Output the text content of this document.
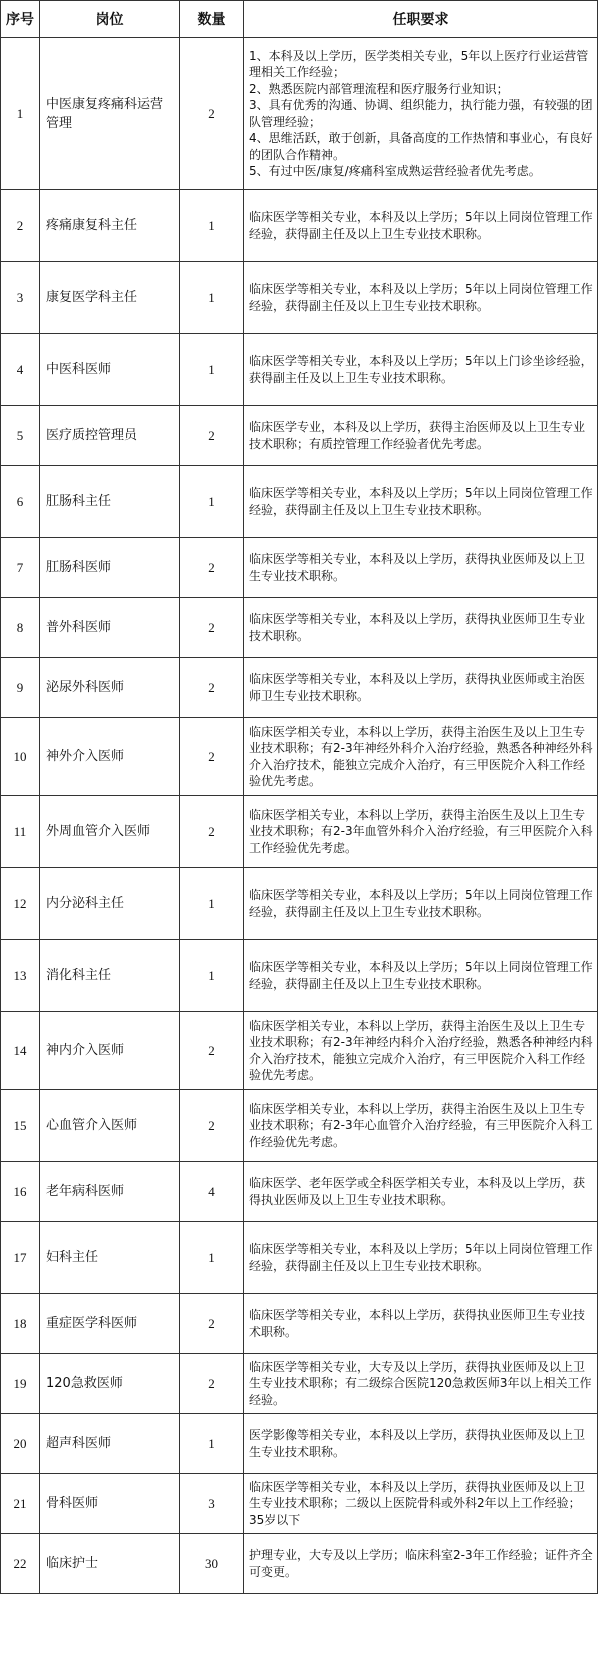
序号	岗位	数量	任职要求
1	中医康复疼痛科运营管理	2	1、本科及以上学历，医学类相关专业，5年以上医疗行业运营管理相关工作经验；
2、熟悉医院内部管理流程和医疗服务行业知识；
3、具有优秀的沟通、协调、组织能力，执行能力强，有较强的团队管理经验；
4、思维活跃，敢于创新，具备高度的工作热情和事业心，有良好的团队合作精神。
5、有过中医/康复/疼痛科室成熟运营经验者优先考虑。

2	疼痛康复科主任	1	临床医学等相关专业，本科及以上学历；5年以上同岗位管理工作经验，获得副主任及以上卫生专业技术职称。

3	康复医学科主任	1	临床医学等相关专业，本科及以上学历；5年以上同岗位管理工作经验，获得副主任及以上卫生专业技术职称。

4	中医科医师	1	临床医学等相关专业，本科及以上学历；5年以上门诊坐诊经验，获得副主任及以上卫生专业技术职称。

5	医疗质控管理员	2	临床医学专业，本科及以上学历，获得主治医师及以上卫生专业技术职称；有质控管理工作经验者优先考虑。

6	肛肠科主任	1	临床医学等相关专业，本科及以上学历；5年以上同岗位管理工作经验，获得副主任及以上卫生专业技术职称。

7	肛肠科医师	2	临床医学等相关专业，本科及以上学历，获得执业医师及以上卫生专业技术职称。

8	普外科医师	2	临床医学等相关专业，本科及以上学历，获得执业医师卫生专业技术职称。

9	泌尿外科医师	2	临床医学等相关专业，本科及以上学历，获得执业医师或主治医师卫生专业技术职称。

10	神外介入医师	2	临床医学相关专业，本科以上学历，获得主治医生及以上卫生专业技术职称；有2-3年神经外科介入治疗经验，熟悉各种神经外科介入治疗技术，能独立完成介入治疗，有三甲医院介入科工作经验优先考虑。

11	外周血管介入医师	2	临床医学相关专业，本科以上学历，获得主治医生及以上卫生专业技术职称；有2-3年血管外科介入治疗经验，有三甲医院介入科工作经验优先考虑。

12	内分泌科主任	1	临床医学等相关专业，本科及以上学历；5年以上同岗位管理工作经验，获得副主任及以上卫生专业技术职称。

13	消化科主任	1	临床医学等相关专业，本科及以上学历；5年以上同岗位管理工作经验，获得副主任及以上卫生专业技术职称。

14	神内介入医师	2	临床医学相关专业，本科以上学历，获得主治医生及以上卫生专业技术职称；有2-3年神经内科介入治疗经验，熟悉各种神经内科介入治疗技术，能独立完成介入治疗，有三甲医院介入科工作经验优先考虑。

15	心血管介入医师	2	临床医学相关专业，本科以上学历，获得主治医生及以上卫生专业技术职称；有2-3年心血管介入治疗经验，有三甲医院介入科工作经验优先考虑。

16	老年病科医师	4	临床医学、老年医学或全科医学相关专业，本科及以上学历，获得执业医师及以上卫生专业技术职称。

17	妇科主任	1	临床医学等相关专业，本科及以上学历；5年以上同岗位管理工作经验，获得副主任及以上卫生专业技术职称。

18	重症医学科医师	2	临床医学等相关专业，本科以上学历，获得执业医师卫生专业技术职称。

19	120急救医师	2	临床医学等相关专业，大专及以上学历，获得执业医师及以上卫生专业技术职称；有二级综合医院120急救医师3年以上相关工作经验。

20	超声科医师	1	医学影像等相关专业，本科及以上学历，获得执业医师及以上卫生专业技术职称。

21	骨科医师	3	临床医学等相关专业，本科及以上学历，获得执业医师及以上卫生专业技术职称；二级以上医院骨科或外科2年以上工作经验；35岁以下

22	临床护士	30	护理专业，大专及以上学历；临床科室2-3年工作经验；证件齐全可变更。
